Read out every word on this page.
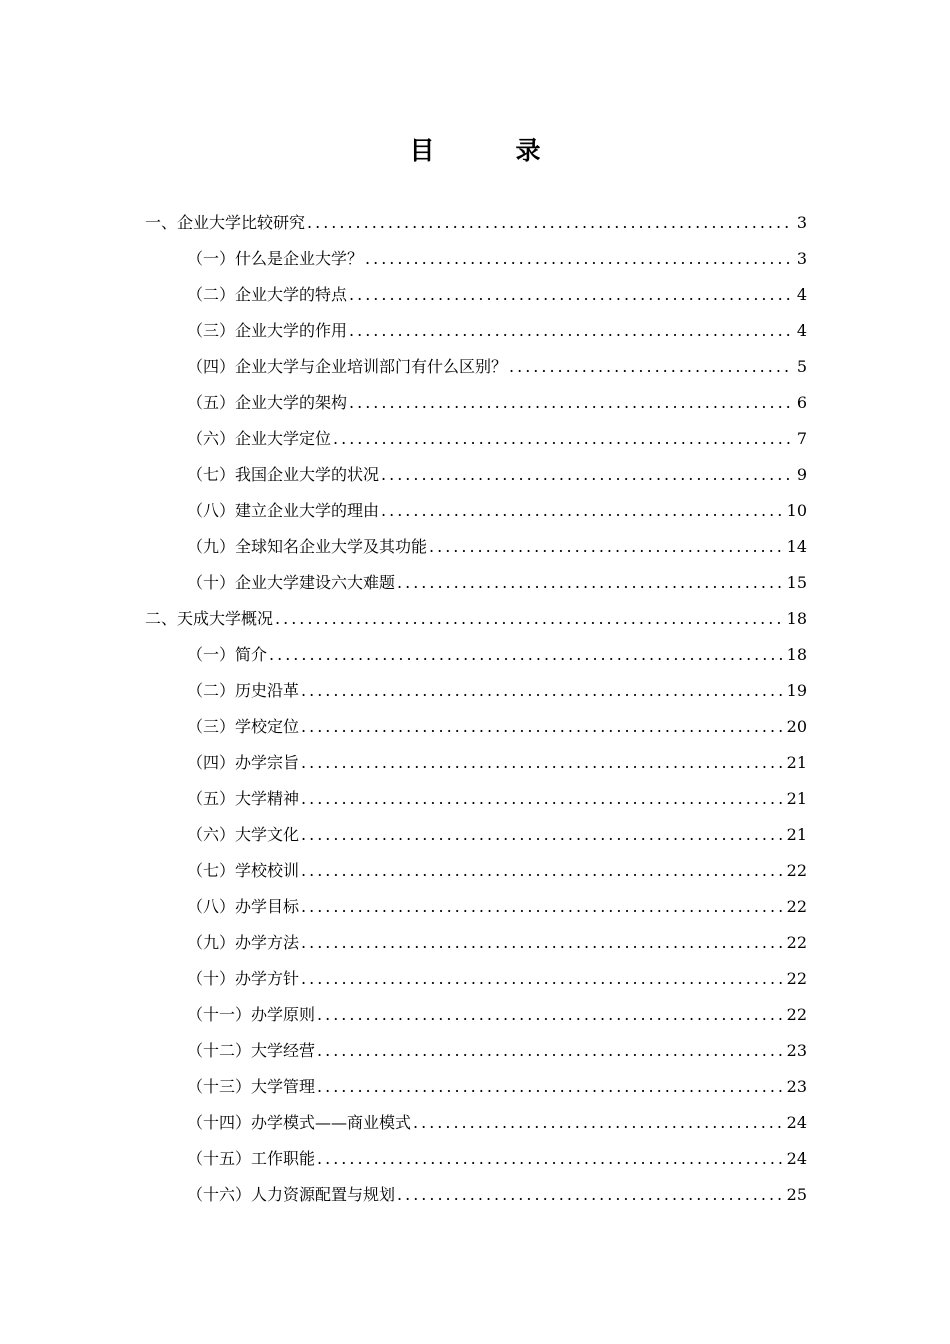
目　录
一、企业大学比较研究 .....	3
（一）什么是企业大学？ .....	3
（二）企业大学的特点 .....	4
（三）企业大学的作用 .....	4
（四）企业大学与企业培训部门有什么区别？ .....	5
（五）企业大学的架构 .....	6
（六）企业大学定位 .....	7
（七）我国企业大学的状况 .....	9
（八）建立企业大学的理由 .....	10
（九）全球知名企业大学及其功能 .....	14
（十）企业大学建设六大难题 .....	15
二、天成大学概况 .....	18
（一）简介 .....	18
（二）历史沿革 .....	19
（三）学校定位 .....	20
（四）办学宗旨 .....	21
（五）大学精神 .....	21
（六）大学文化 .....	21
（七）学校校训 .....	22
（八）办学目标 .....	22
（九）办学方法 .....	22
（十）办学方针 .....	22
（十一）办学原则 .....	22
（十二）大学经营 .....	23
（十三）大学管理 .....	23
（十四）办学模式——商业模式 .....	24
（十五）工作职能 .....	24
（十六）人力资源配置与规划 .....	25
